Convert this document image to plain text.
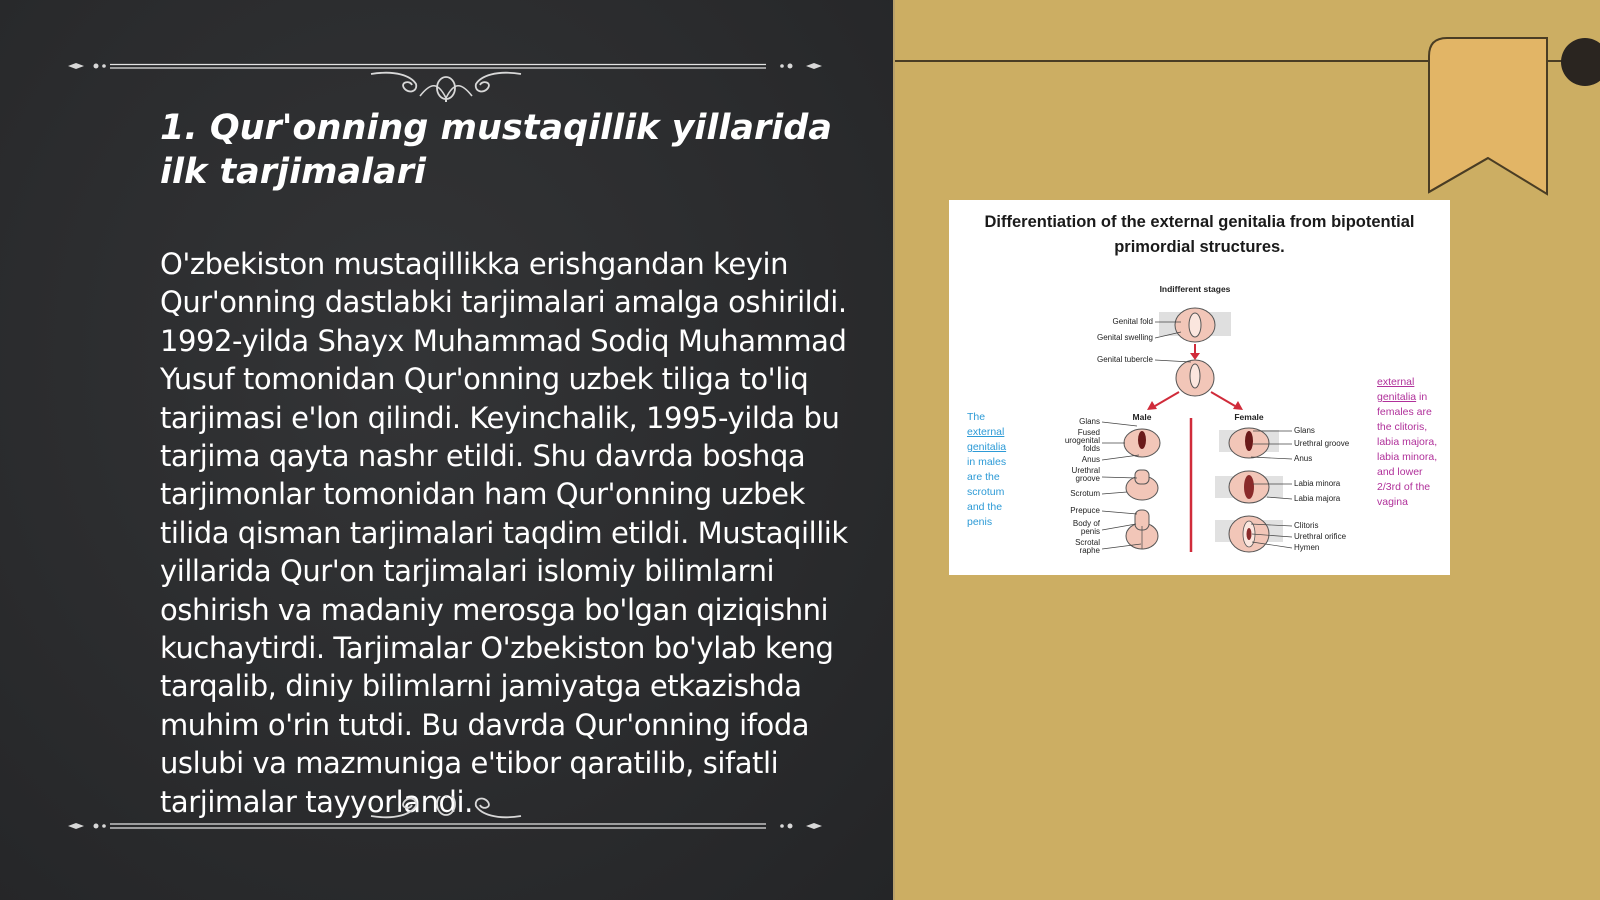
1. Qur'onning mustaqillik yillarida ilk tarjimalari

O'zbekiston mustaqillikka erishgandan keyin Qur'onning dastlabki tarjimalari amalga oshirildi. 1992-yilda Shayx Muhammad Sodiq Muhammad Yusuf tomonidan Qur'onning uzbek tiliga to'liq tarjimasi e'lon qilindi. Keyinchalik, 1995-yilda bu tarjima qayta nashr etildi. Shu davrda boshqa tarjimonlar tomonidan ham Qur'onning uzbek tilida qisman tarjimalari taqdim etildi. Mustaqillik yillarida Qur'on tarjimalari islomiy bilimlarni oshirish va madaniy merosga bo'lgan qiziqishni kuchaytirdi. Tarjimalar O'zbekiston bo'ylab keng tarqalib, diniy bilimlarni jamiyatga etkazishda muhim o'rin tutdi. Bu davrda Qur'onning ifoda uslubi va mazmuniga e'tibor qaratilib, sifatli tarjimalar tayyorlandi.

Differentiation of the external genitalia from bipotential primordial structures.
Indifferent stages
Genital fold
Genital swelling
Genital tubercle
Male	Female
Glans
Fused
urogenital
folds
Anus
Urethral
groove
Scrotum
Prepuce
Body of
penis
Scrotal
raphe
Glans
Urethral groove
Anus
Labia minora
Labia majora
Clitoris
Urethral orifice
Hymen
The external genitalia in males are the scrotum and the penis
external genitalia in females are the clitoris, labia majora, labia minora, and lower 2/3rd of the vagina
